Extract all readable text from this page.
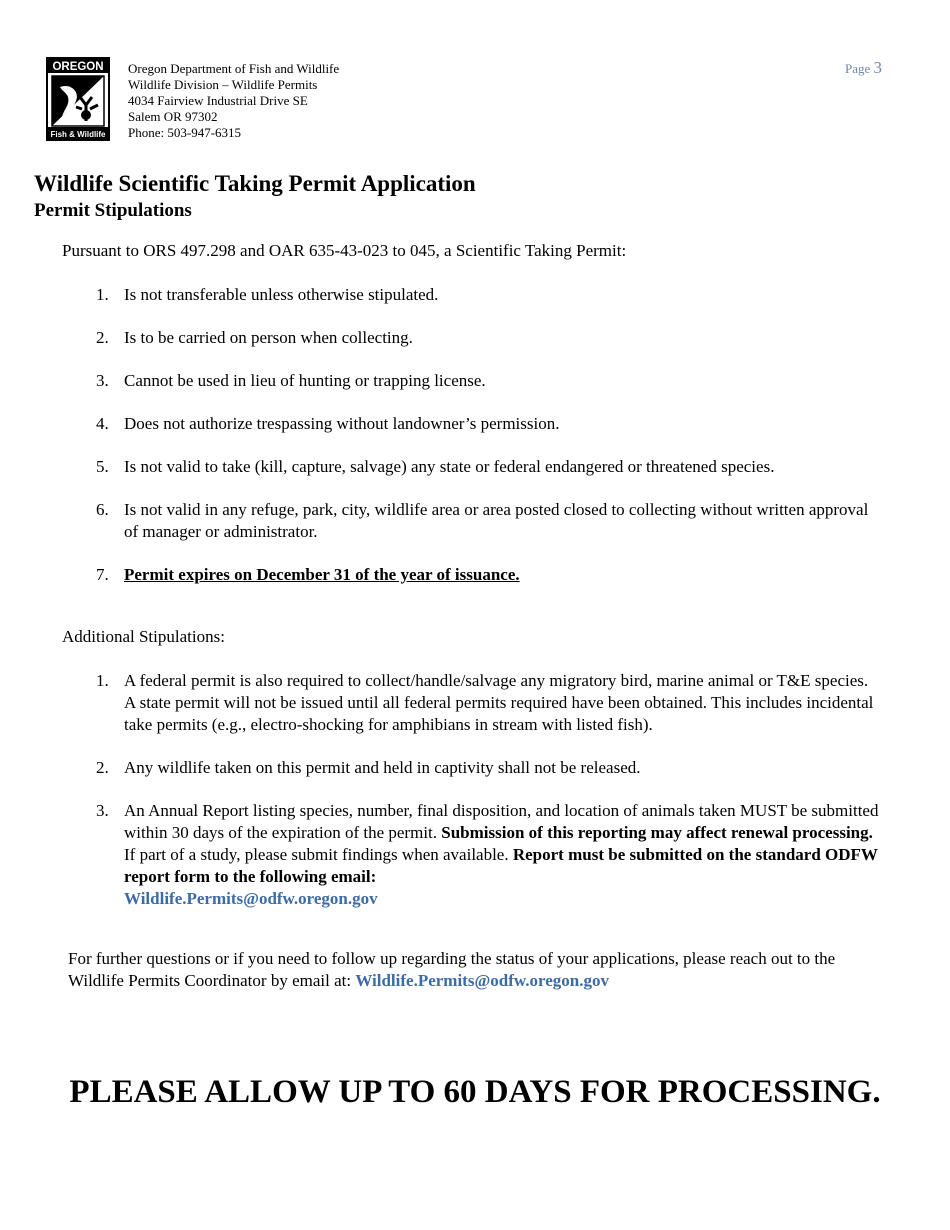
OREGON
Fish & Wildlife
Oregon Department of Fish and Wildlife
Wildlife Division – Wildlife Permits
4034 Fairview Industrial Drive SE
Salem OR 97302
Phone: 503-947-6315
Page 3
Wildlife Scientific Taking Permit Application
Permit Stipulations
Pursuant to ORS 497.298 and OAR 635-43-023 to 045, a Scientific Taking Permit:
1. Is not transferable unless otherwise stipulated.
2. Is to be carried on person when collecting.
3. Cannot be used in lieu of hunting or trapping license.
4. Does not authorize trespassing without landowner’s permission.
5. Is not valid to take (kill, capture, salvage) any state or federal endangered or threatened species.
6. Is not valid in any refuge, park, city, wildlife area or area posted closed to collecting without written approval of manager or administrator.
7. Permit expires on December 31 of the year of issuance.
Additional Stipulations:
1. A federal permit is also required to collect/handle/salvage any migratory bird, marine animal or T&E species. A state permit will not be issued until all federal permits required have been obtained. This includes incidental take permits (e.g., electro-shocking for amphibians in stream with listed fish).
2. Any wildlife taken on this permit and held in captivity shall not be released.
3. An Annual Report listing species, number, final disposition, and location of animals taken MUST be submitted within 30 days of the expiration of the permit. Submission of this reporting may affect renewal processing. If part of a study, please submit findings when available. Report must be submitted on the standard ODFW report form to the following email:
Wildlife.Permits@odfw.oregon.gov
For further questions or if you need to follow up regarding the status of your applications, please reach out to the Wildlife Permits Coordinator by email at: Wildlife.Permits@odfw.oregon.gov
PLEASE ALLOW UP TO 60 DAYS FOR PROCESSING.
